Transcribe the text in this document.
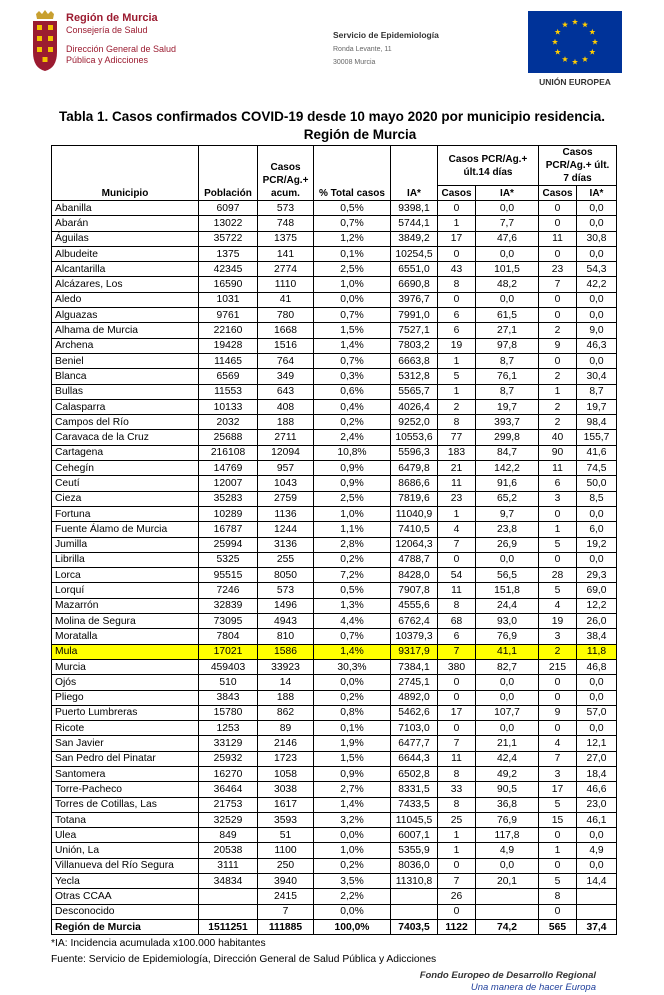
Región de Murcia
Consejería de Salud
Dirección General de Salud
Pública y Adicciones
Servicio de Epidemiología
Ronda Levante, 11
30008 Murcia
UNIÓN EUROPEA
Tabla 1. Casos confirmados COVID-19 desde 10 mayo 2020 por municipio residencia.
Región de Murcia
Municipio	Población	Casos PCR/Ag.+ acum.	% Total casos	IA*	Casos PCR/Ag.+ últ.14 días		Casos PCR/Ag.+ últ. 7 días	
					Casos	IA*	Casos	IA*
Abanilla	6097	573	0,5%	9398,1	0	0,0	0	0,0
Abarán	13022	748	0,7%	5744,1	1	7,7	0	0,0
Águilas	35722	1375	1,2%	3849,2	17	47,6	11	30,8
Albudeite	1375	141	0,1%	10254,5	0	0,0	0	0,0
Alcantarilla	42345	2774	2,5%	6551,0	43	101,5	23	54,3
Alcázares, Los	16590	1110	1,0%	6690,8	8	48,2	7	42,2
Aledo	1031	41	0,0%	3976,7	0	0,0	0	0,0
Alguazas	9761	780	0,7%	7991,0	6	61,5	0	0,0
Alhama de Murcia	22160	1668	1,5%	7527,1	6	27,1	2	9,0
Archena	19428	1516	1,4%	7803,2	19	97,8	9	46,3
Beniel	11465	764	0,7%	6663,8	1	8,7	0	0,0
Blanca	6569	349	0,3%	5312,8	5	76,1	2	30,4
Bullas	11553	643	0,6%	5565,7	1	8,7	1	8,7
Calasparra	10133	408	0,4%	4026,4	2	19,7	2	19,7
Campos del Río	2032	188	0,2%	9252,0	8	393,7	2	98,4
Caravaca de la Cruz	25688	2711	2,4%	10553,6	77	299,8	40	155,7
Cartagena	216108	12094	10,8%	5596,3	183	84,7	90	41,6
Cehegín	14769	957	0,9%	6479,8	21	142,2	11	74,5
Ceutí	12007	1043	0,9%	8686,6	11	91,6	6	50,0
Cieza	35283	2759	2,5%	7819,6	23	65,2	3	8,5
Fortuna	10289	1136	1,0%	11040,9	1	9,7	0	0,0
Fuente Álamo de Murcia	16787	1244	1,1%	7410,5	4	23,8	1	6,0
Jumilla	25994	3136	2,8%	12064,3	7	26,9	5	19,2
Librilla	5325	255	0,2%	4788,7	0	0,0	0	0,0
Lorca	95515	8050	7,2%	8428,0	54	56,5	28	29,3
Lorquí	7246	573	0,5%	7907,8	11	151,8	5	69,0
Mazarrón	32839	1496	1,3%	4555,6	8	24,4	4	12,2
Molina de Segura	73095	4943	4,4%	6762,4	68	93,0	19	26,0
Moratalla	7804	810	0,7%	10379,3	6	76,9	3	38,4
Mula	17021	1586	1,4%	9317,9	7	41,1	2	11,8
Murcia	459403	33923	30,3%	7384,1	380	82,7	215	46,8
Ojós	510	14	0,0%	2745,1	0	0,0	0	0,0
Pliego	3843	188	0,2%	4892,0	0	0,0	0	0,0
Puerto Lumbreras	15780	862	0,8%	5462,6	17	107,7	9	57,0
Ricote	1253	89	0,1%	7103,0	0	0,0	0	0,0
San Javier	33129	2146	1,9%	6477,7	7	21,1	4	12,1
San Pedro del Pinatar	25932	1723	1,5%	6644,3	11	42,4	7	27,0
Santomera	16270	1058	0,9%	6502,8	8	49,2	3	18,4
Torre-Pacheco	36464	3038	2,7%	8331,5	33	90,5	17	46,6
Torres de Cotillas, Las	21753	1617	1,4%	7433,5	8	36,8	5	23,0
Totana	32529	3593	3,2%	11045,5	25	76,9	15	46,1
Ulea	849	51	0,0%	6007,1	1	117,8	0	0,0
Unión, La	20538	1100	1,0%	5355,9	1	4,9	1	4,9
Villanueva del Río Segura	3111	250	0,2%	8036,0	0	0,0	0	0,0
Yecla	34834	3940	3,5%	11310,8	7	20,1	5	14,4
Otras CCAA		2415	2,2%		26		8	
Desconocido		7	0,0%		0		0	
Región de Murcia	1511251	111885	100,0%	7403,5	1122	74,2	565	37,4
*IA: Incidencia acumulada x100.000 habitantes
Fuente: Servicio de Epidemiología, Dirección General de Salud Pública y Adicciones
Fondo Europeo de Desarrollo Regional
Una manera de hacer Europa
